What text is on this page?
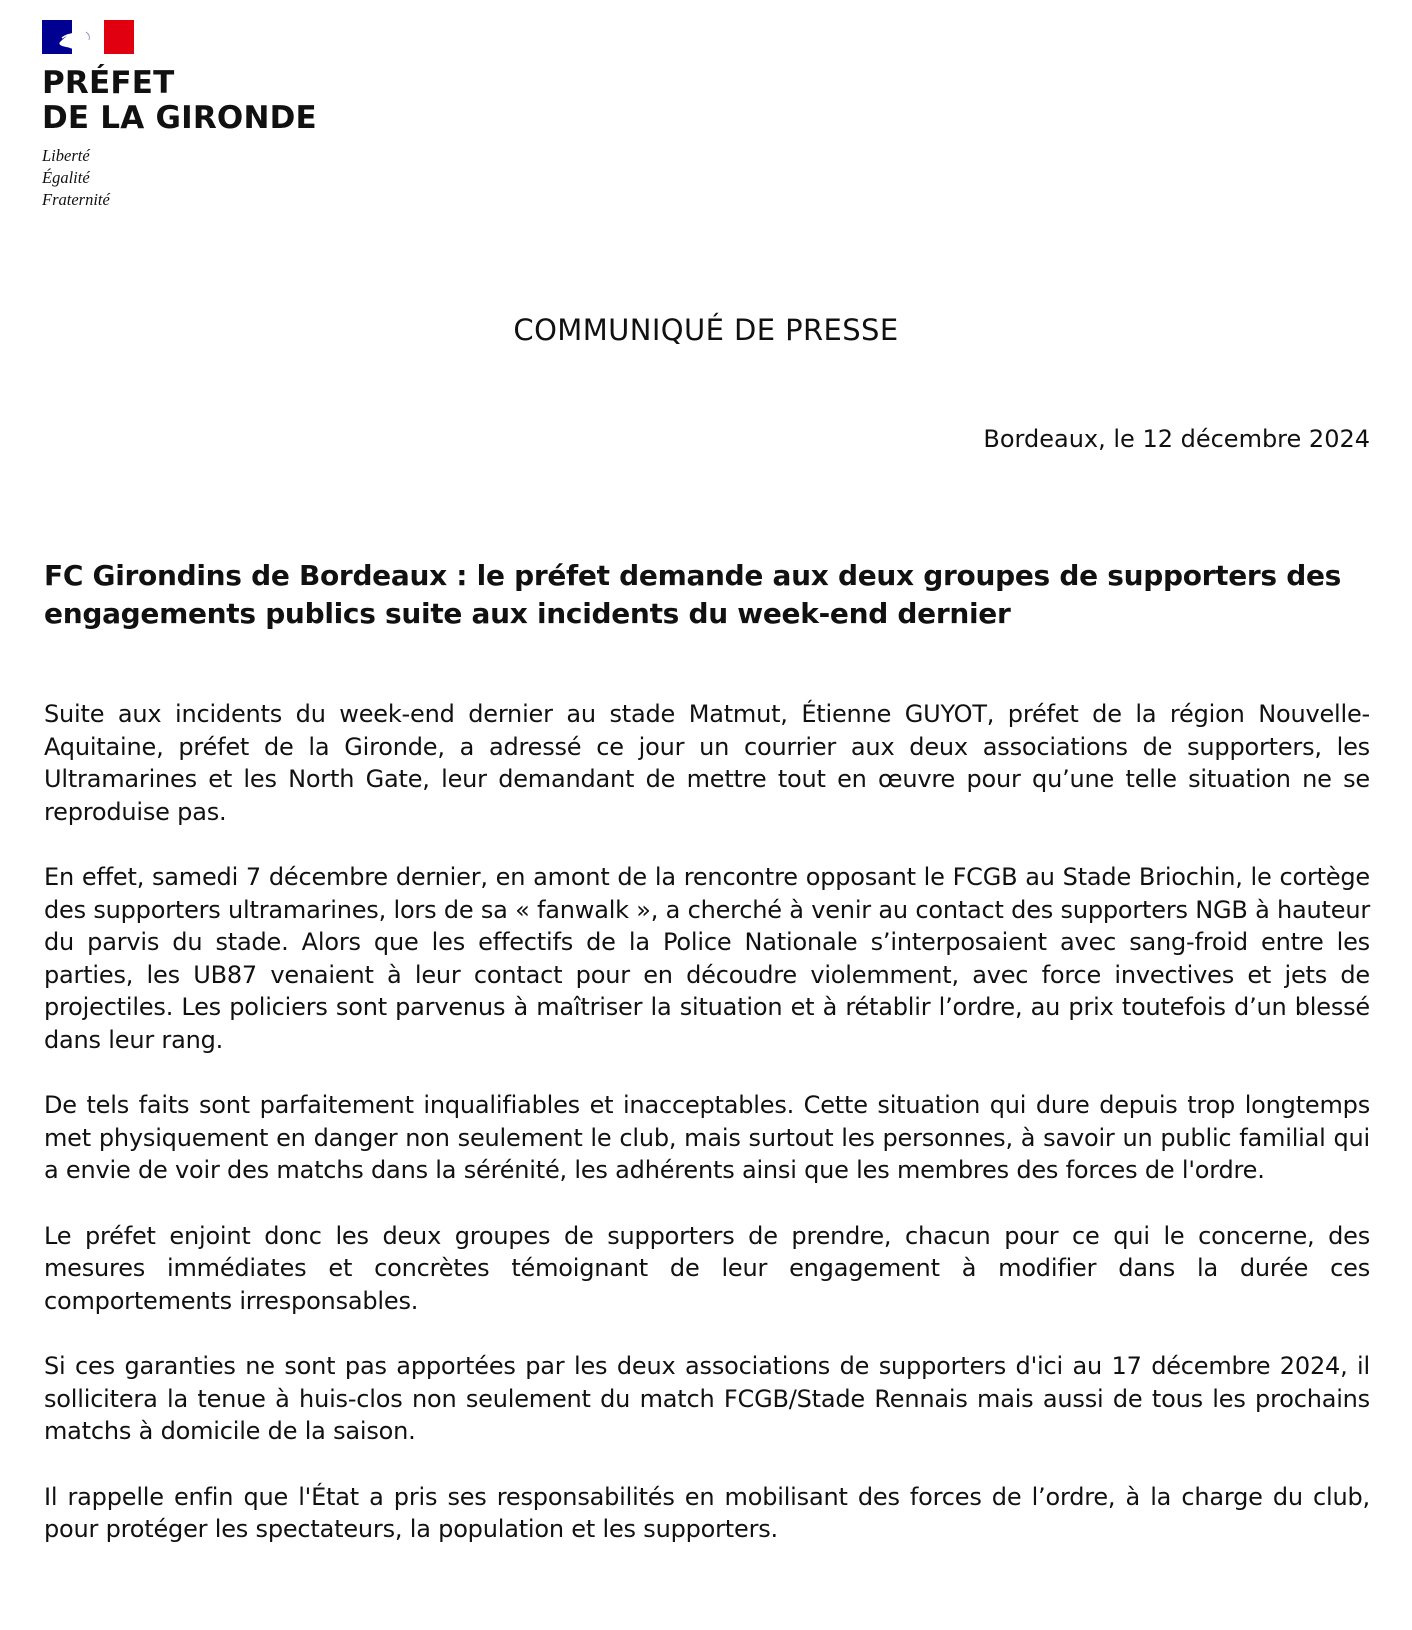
PRÉFET
DE LA GIRONDE
Liberté
Égalité
Fraternité
COMMUNIQUÉ DE PRESSE
Bordeaux, le 12 décembre 2024
FC Girondins de Bordeaux : le préfet demande aux deux groupes de supporters des engagements publics suite aux incidents du week-end dernier

Suite aux incidents du week-end dernier au stade Matmut, Étienne GUYOT, préfet de la région Nouvelle-Aquitaine, préfet de la Gironde, a adressé ce jour un courrier aux deux associations de supporters, les Ultramarines et les North Gate, leur demandant de mettre tout en œuvre pour qu’une telle situation ne se reproduise pas.

En effet, samedi 7 décembre dernier, en amont de la rencontre opposant le FCGB au Stade Briochin, le cortège des supporters ultramarines, lors de sa « fanwalk », a cherché à venir au contact des supporters NGB à hauteur du parvis du stade. Alors que les effectifs de la Police Nationale s’interposaient avec sang-froid entre les parties, les UB87 venaient à leur contact pour en découdre violemment, avec force invectives et jets de projectiles. Les policiers sont parvenus à maîtriser la situation et à rétablir l’ordre, au prix toutefois d’un blessé dans leur rang.

De tels faits sont parfaitement inqualifiables et inacceptables. Cette situation qui dure depuis trop longtemps met physiquement en danger non seulement le club, mais surtout les personnes, à savoir un public familial qui a envie de voir des matchs dans la sérénité, les adhérents ainsi que les membres des forces de l'ordre.

Le préfet enjoint donc les deux groupes de supporters de prendre, chacun pour ce qui le concerne, des mesures immédiates et concrètes témoignant de leur engagement à modifier dans la durée ces comportements irresponsables.

Si ces garanties ne sont pas apportées par les deux associations de supporters d'ici au 17 décembre 2024, il sollicitera la tenue à huis-clos non seulement du match FCGB/Stade Rennais mais aussi de tous les prochains matchs à domicile de la saison.

Il rappelle enfin que l'État a pris ses responsabilités en mobilisant des forces de l’ordre, à la charge du club, pour protéger les spectateurs, la population et les supporters.
